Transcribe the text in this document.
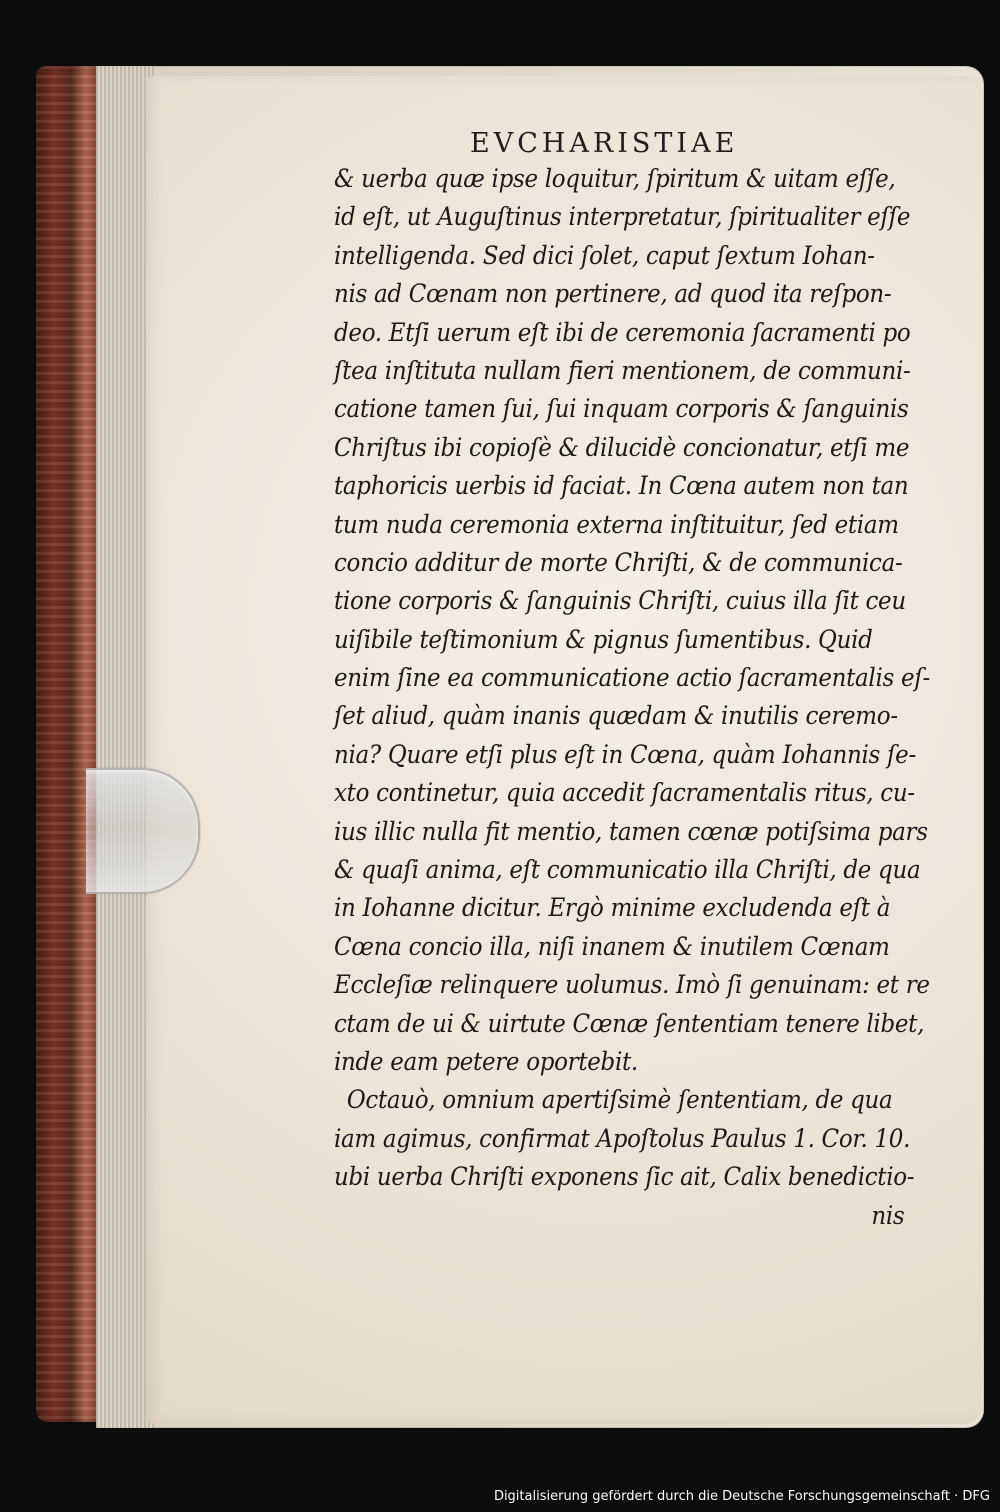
EVCHARISTIAE
& uerba quæ ipse loquitur, ſpiritum & uitam eſſe,
id eſt, ut Auguſtinus interpretatur, ſpiritualiter eſſe
intelligenda. Sed dici ſolet, caput ſextum Iohan-
nis ad Cœnam non pertinere, ad quod ita reſpon-
deo. Etſi uerum eſt ibi de ceremonia ſacramenti po
ſtea inſtituta nullam fieri mentionem, de communi-
catione tamen ſui, ſui inquam corporis & ſanguinis
Chriſtus ibi copioſè & dilucidè concionatur, etſi me
taphoricis uerbis id faciat. In Cœna autem non tan
tum nuda ceremonia externa inſtituitur, ſed etiam
concio additur de morte Chriſti, & de communica-
tione corporis & ſanguinis Chriſti, cuius illa ſit ceu
uiſibile teſtimonium & pignus ſumentibus. Quid
enim ſine ea communicatione actio ſacramentalis eſ-
ſet aliud, quàm inanis quædam & inutilis ceremo-
nia? Quare etſi plus eſt in Cœna, quàm Iohannis ſe-
xto continetur, quia accedit ſacramentalis ritus, cu-
ius illic nulla fit mentio, tamen cœnæ potiſsima pars
& quaſi anima, eſt communicatio illa Chriſti, de qua
in Iohanne dicitur. Ergò minime excludenda eſt à
Cœna concio illa, niſi inanem & inutilem Cœnam
Eccleſiæ relinquere uolumus. Imò ſi genuinam: et re
ctam de ui & uirtute Cœnæ ſententiam tenere libet,
inde eam petere oportebit.
Octauò, omnium apertiſsimè ſententiam, de qua
iam agimus, confirmat Apoſtolus Paulus 1. Cor. 10.
ubi uerba Chriſti exponens ſic ait, Calix benedictio-
nis
Digitalisierung gefördert durch die Deutsche Forschungsgemeinschaft · DFG
